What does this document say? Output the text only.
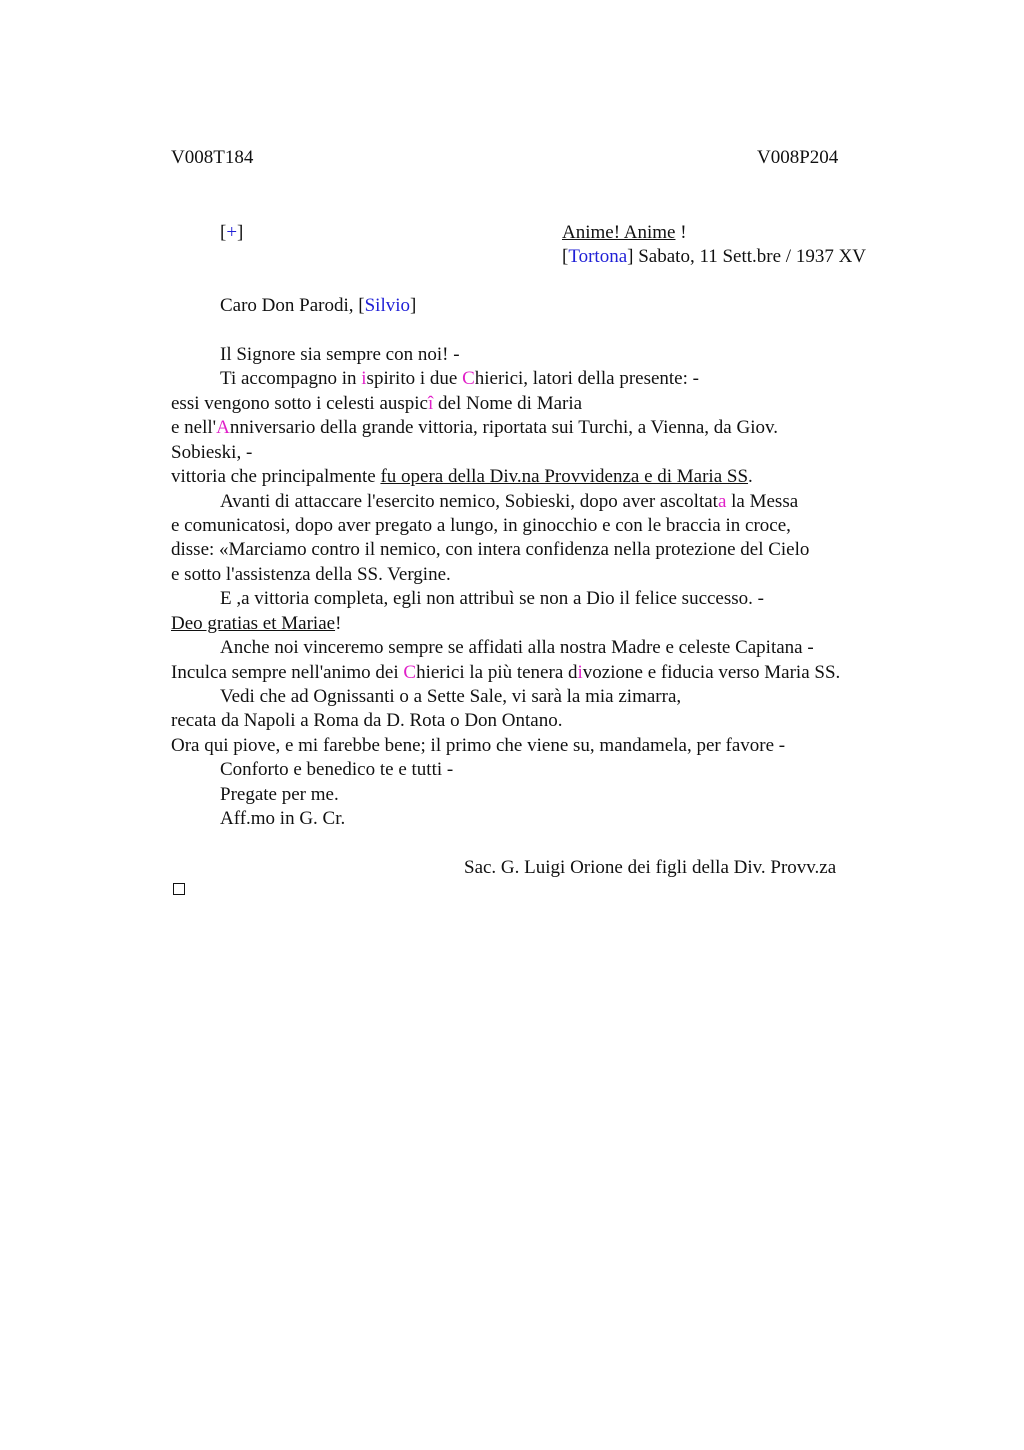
V008T184	V008P204
[+]	Anime! Anime !
[Tortona] Sabato, 11 Sett.bre / 1937 XV
Caro Don Parodi, [Silvio]
Il Signore sia sempre con noi! -
Ti accompagno in ispirito i due Chierici, latori della presente: -
essi vengono sotto i celesti auspicî del Nome di Maria
e nell'Anniversario della grande vittoria, riportata sui Turchi, a Vienna, da Giov.
Sobieski, -
vittoria che principalmente fu opera della Div.na Provvidenza e di Maria SS.
Avanti di attaccare l'esercito nemico, Sobieski, dopo aver ascoltata la Messa
e comunicatosi, dopo aver pregato a lungo, in ginocchio e con le braccia in croce,
disse: «Marciamo contro il nemico, con intera confidenza nella protezione del Cielo
e sotto l'assistenza della SS. Vergine.
E ,a vittoria completa, egli non attribuì se non a Dio il felice successo. -
Deo gratias et Mariae!
Anche noi vinceremo sempre se affidati alla nostra Madre e celeste Capitana -
Inculca sempre nell'animo dei Chierici la più tenera divozione e fiducia verso Maria SS.
Vedi che ad Ognissanti o a Sette Sale, vi sarà la mia zimarra,
recata da Napoli a Roma da D. Rota o Don Ontano.
Ora qui piove, e mi farebbe bene; il primo che viene su, mandamela, per favore -
Conforto e benedico te e tutti -
Pregate per me.
Aff.mo in G. Cr.
Sac. G. Luigi Orione dei figli della Div. Provv.za
